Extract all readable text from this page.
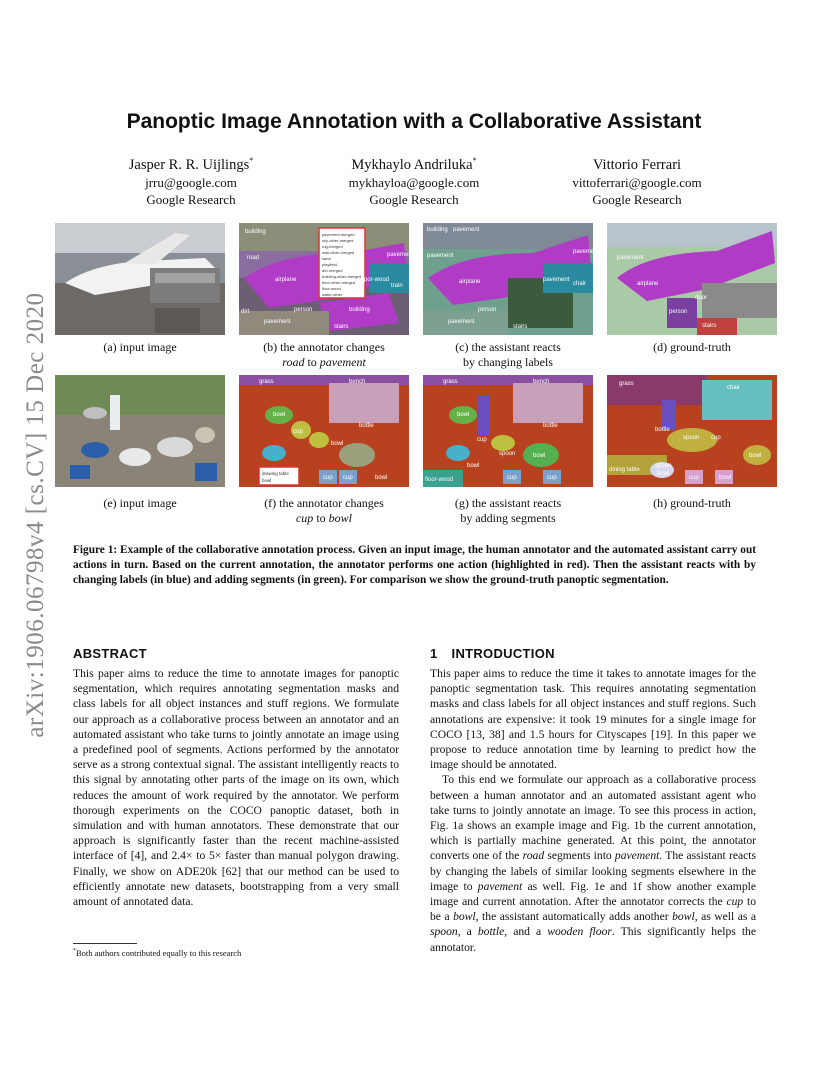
arXiv:1906.06798v4 [cs.CV] 15 Dec 2020
Panoptic Image Annotation with a Collaborative Assistant
Jasper R. R. Uijlings*
jrru@google.com
Google Research
Mykhaylo Andriluka*
mykhayloa@google.com
Google Research
Vittorio Ferrari
vittoferrari@google.com
Google Research
building
road
airplane	por-wood
train
pavement
person
dirt	building
pavement
stairs
pavement-merged
sky-other-merged
rug-merged
wall-other-merged
sand
playfield
dirt-merged
building-other-merged
floor-other-merged
floor-wood
water-other
building pavement
pavement
airplane
pavement
chair
pavement
person
pavement
stairs
pavement
airplane
door
person
stairs
(a) input image	(b) the annotator changes
road to pavement
(c) the assistant reacts
by changing labels
(d) ground-truth
grass	bench
bowl
bottle
cup
bowl
cup	bowl
cup
drawing table
bowl
grass	bench
bowl
bottle
cup
spoon	bowl
floor-wood
bowl
cup	cup
grass
chair
bottle
spoon cup
bowl
dining table
spoon
bowl
cup	bowl
(e) input image	(f) the annotator changes
cup to bowl
(g) the assistant reacts
by adding segments
(h) ground-truth
Figure 1: Example of the collaborative annotation process. Given an input image, the human annotator and the automated assistant carry out actions in turn. Based on the current annotation, the annotator performs one action (highlighted in red). Then the assistant reacts with by changing labels (in blue) and adding segments (in green). For comparison we show the ground-truth panoptic segmentation.
ABSTRACT
This paper aims to reduce the time to annotate images for panoptic segmentation, which requires annotating segmentation masks and class labels for all object instances and stuff regions. We formulate our approach as a collaborative process between an annotator and an automated assistant who take turns to jointly annotate an image using a predefined pool of segments. Actions performed by the annotator serve as a strong contextual signal. The assistant intelligently reacts to this signal by annotating other parts of the image on its own, which reduces the amount of work required by the annotator. We perform thorough experiments on the COCO panoptic dataset, both in simulation and with human annotators. These demonstrate that our approach is significantly faster than the recent machine-assisted interface of [4], and 2.4× to 5× faster than manual polygon drawing. Finally, we show on ADE20k [62] that our method can be used to efficiently annotate new datasets, bootstrapping from a very small amount of annotated data.
1 INTRODUCTION
This paper aims to reduce the time it takes to annotate images for the panoptic segmentation task. This requires annotating segmentation masks and class labels for all object instances and stuff regions. Such annotations are expensive: it took 19 minutes for a single image for COCO [13, 38] and 1.5 hours for Cityscapes [19]. In this paper we propose to reduce annotation time by learning to predict how the image should be annotated.
To this end we formulate our approach as a collaborative process between a human annotator and an automated assistant agent who take turns to jointly annotate an image. To see this process in action, Fig. 1a shows an example image and Fig. 1b the current annotation, which is partially machine generated. At this point, the annotator converts one of the road segments into pavement. The assistant reacts by changing the labels of similar looking segments elsewhere in the image to pavement as well. Fig. 1e and 1f show another example image and current annotation. After the annotator corrects the cup to be a bowl, the assistant automatically adds another bowl, as well as a spoon, a bottle, and a wooden floor. This significantly helps the annotator.
*Both authors contributed equally to this research
